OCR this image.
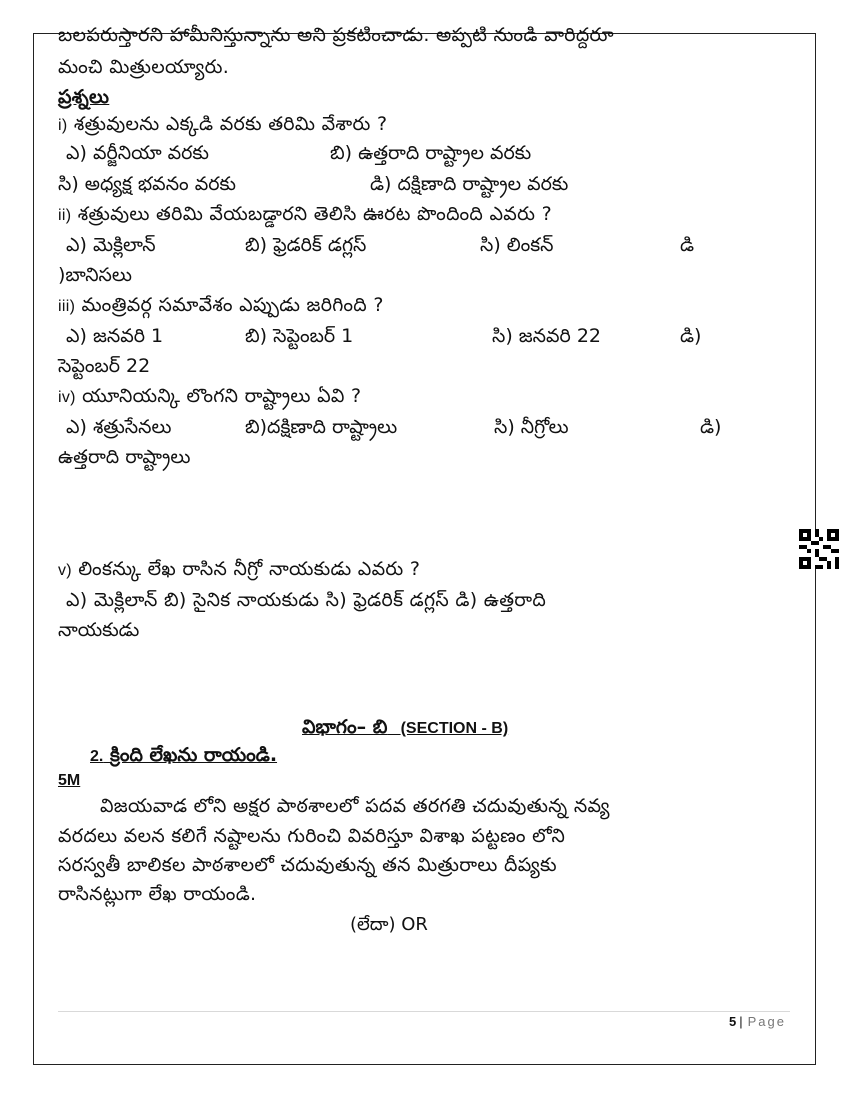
బలపరుస్తారని హామీనిస్తున్నాను అని ప్రకటించాడు. అప్పటి నుండి వారిద్దరూ
మంచి మిత్రులయ్యారు.
ప్రశ్నలు
i) శత్రువులను ఎక్కడి వరకు తరిమి వేశారు ?
ఎ) వర్జీనియా వరకు	బి) ఉత్తరాది రాష్ట్రాల వరకు
సి) అధ్యక్ష భవనం వరకు	డి) దక్షిణాది రాష్ట్రాల వరకు
ii) శత్రువులు తరిమి వేయబడ్డారని తెలిసి ఊరట పొందింది ఎవరు ?
ఎ) మెక్లిలాన్	బి) ఫ్రెడరిక్ డగ్లస్	సి) లింకన్	డి
)బానిసలు
iii) మంత్రివర్గ సమావేశం ఎప్పుడు జరిగింది ?
ఎ) జనవరి 1	బి) సెప్టెంబర్ 1	సి) జనవరి 22	డి)
సెప్టెంబర్ 22
iv) యూనియన్కి లొంగని రాష్ట్రాలు ఏవి ?
ఎ) శత్రుసేనలు	బి)దక్షిణాది రాష్ట్రాలు	సి) నీగ్రోలు	డి)
ఉత్తరాది రాష్ట్రాలు
v) లింకన్కు లేఖ రాసిన నీగ్రో నాయకుడు ఎవరు ?
ఎ) మెక్లిలాన్ బి) సైనిక నాయకుడు సి) ఫ్రెడరిక్ డగ్లస్ డి) ఉత్తరాది
నాయకుడు
విభాగం– బి (SECTION - B)
2. క్రింది లేఖను రాయండి.
5M
విజయవాడ లోని అక్షర పాఠశాలలో పదవ తరగతి చదువుతున్న నవ్య
వరదలు వలన కలిగే నష్టాలను గురించి వివరిస్తూ విశాఖ పట్టణం లోని
సరస్వతీ బాలికల పాఠశాలలో చదువుతున్న తన మిత్రురాలు దీప్యకు
రాసినట్లుగా లేఖ రాయండి.
(లేదా) OR
5 | Page
